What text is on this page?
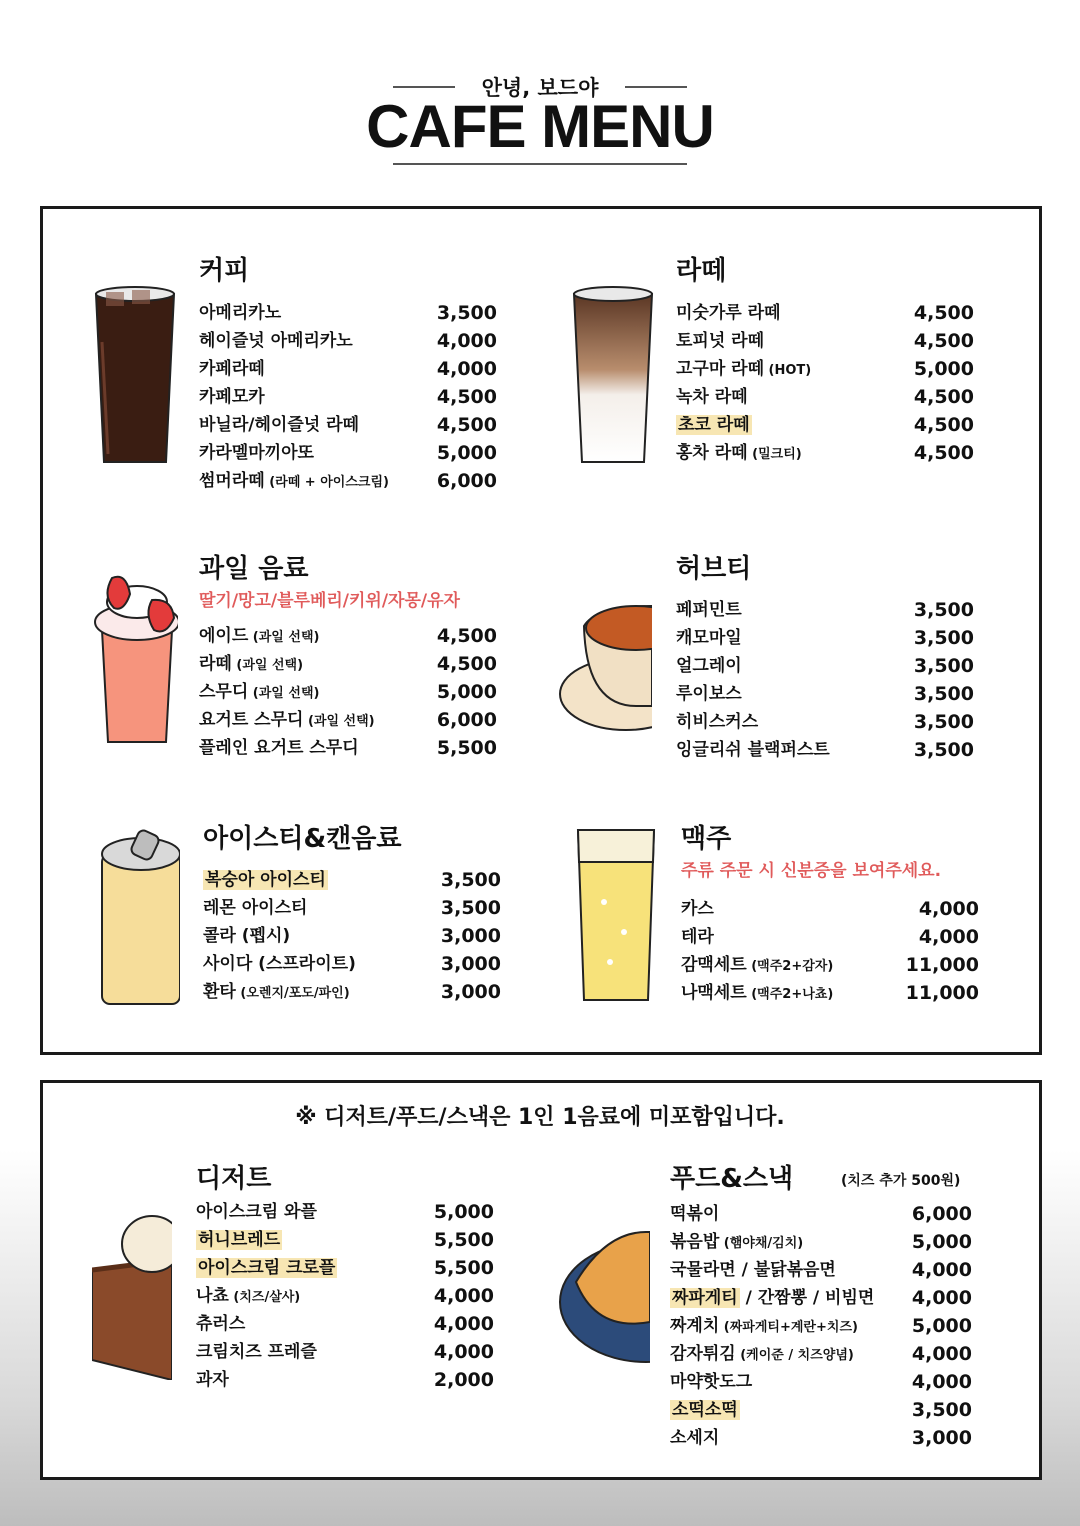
안녕, 보드야
CAFE MENU
커피
아메리카노	3,500
헤이즐넛 아메리카노	4,000
카페라떼	4,000
카페모카	4,500
바닐라/헤이즐넛 라떼	4,500
카라멜마끼아또	5,000
썸머라떼 (라떼 + 아이스크림)	6,000
라떼
미숫가루 라떼	4,500
토피넛 라떼	4,500
고구마 라떼 (HOT)	5,000
녹차 라떼	4,500
초코 라떼	4,500
홍차 라떼 (밀크티)	4,500
과일 음료
딸기/망고/블루베리/키위/자몽/유자
에이드 (과일 선택)	4,500
라떼 (과일 선택)	4,500
스무디 (과일 선택)	5,000
요거트 스무디 (과일 선택)	6,000
플레인 요거트 스무디	5,500
허브티
페퍼민트	3,500
캐모마일	3,500
얼그레이	3,500
루이보스	3,500
히비스커스	3,500
잉글리쉬 블랙퍼스트	3,500
아이스티&캔음료
복숭아 아이스티	3,500
레몬 아이스티	3,500
콜라 (펩시)	3,000
사이다 (스프라이트)	3,000
환타 (오렌지/포도/파인)	3,000
맥주
주류 주문 시 신분증을 보여주세요.
카스	4,000
테라	4,000
감맥세트 (맥주2+감자)	11,000
나맥세트 (맥주2+나쵸)	11,000
※ 디저트/푸드/스낵은 1인 1음료에 미포함입니다.
디저트
아이스크림 와플	5,000
허니브레드	5,500
아이스크림 크로플	5,500
나쵸 (치즈/살사)	4,000
츄러스	4,000
크림치즈 프레즐	4,000
과자	2,000
푸드&스낵	(치즈 추가 500원)
떡볶이	6,000
볶음밥 (햄야채/김치)	5,000
국물라면 / 불닭볶음면	4,000
짜파게티 / 간짬뽕 / 비빔면 4,000
짜계치 (짜파게티+계란+치즈)	5,000
감자튀김 (케이준 / 치즈양념)	4,000
마약핫도그	4,000
소떡소떡	3,500
소세지	3,000
